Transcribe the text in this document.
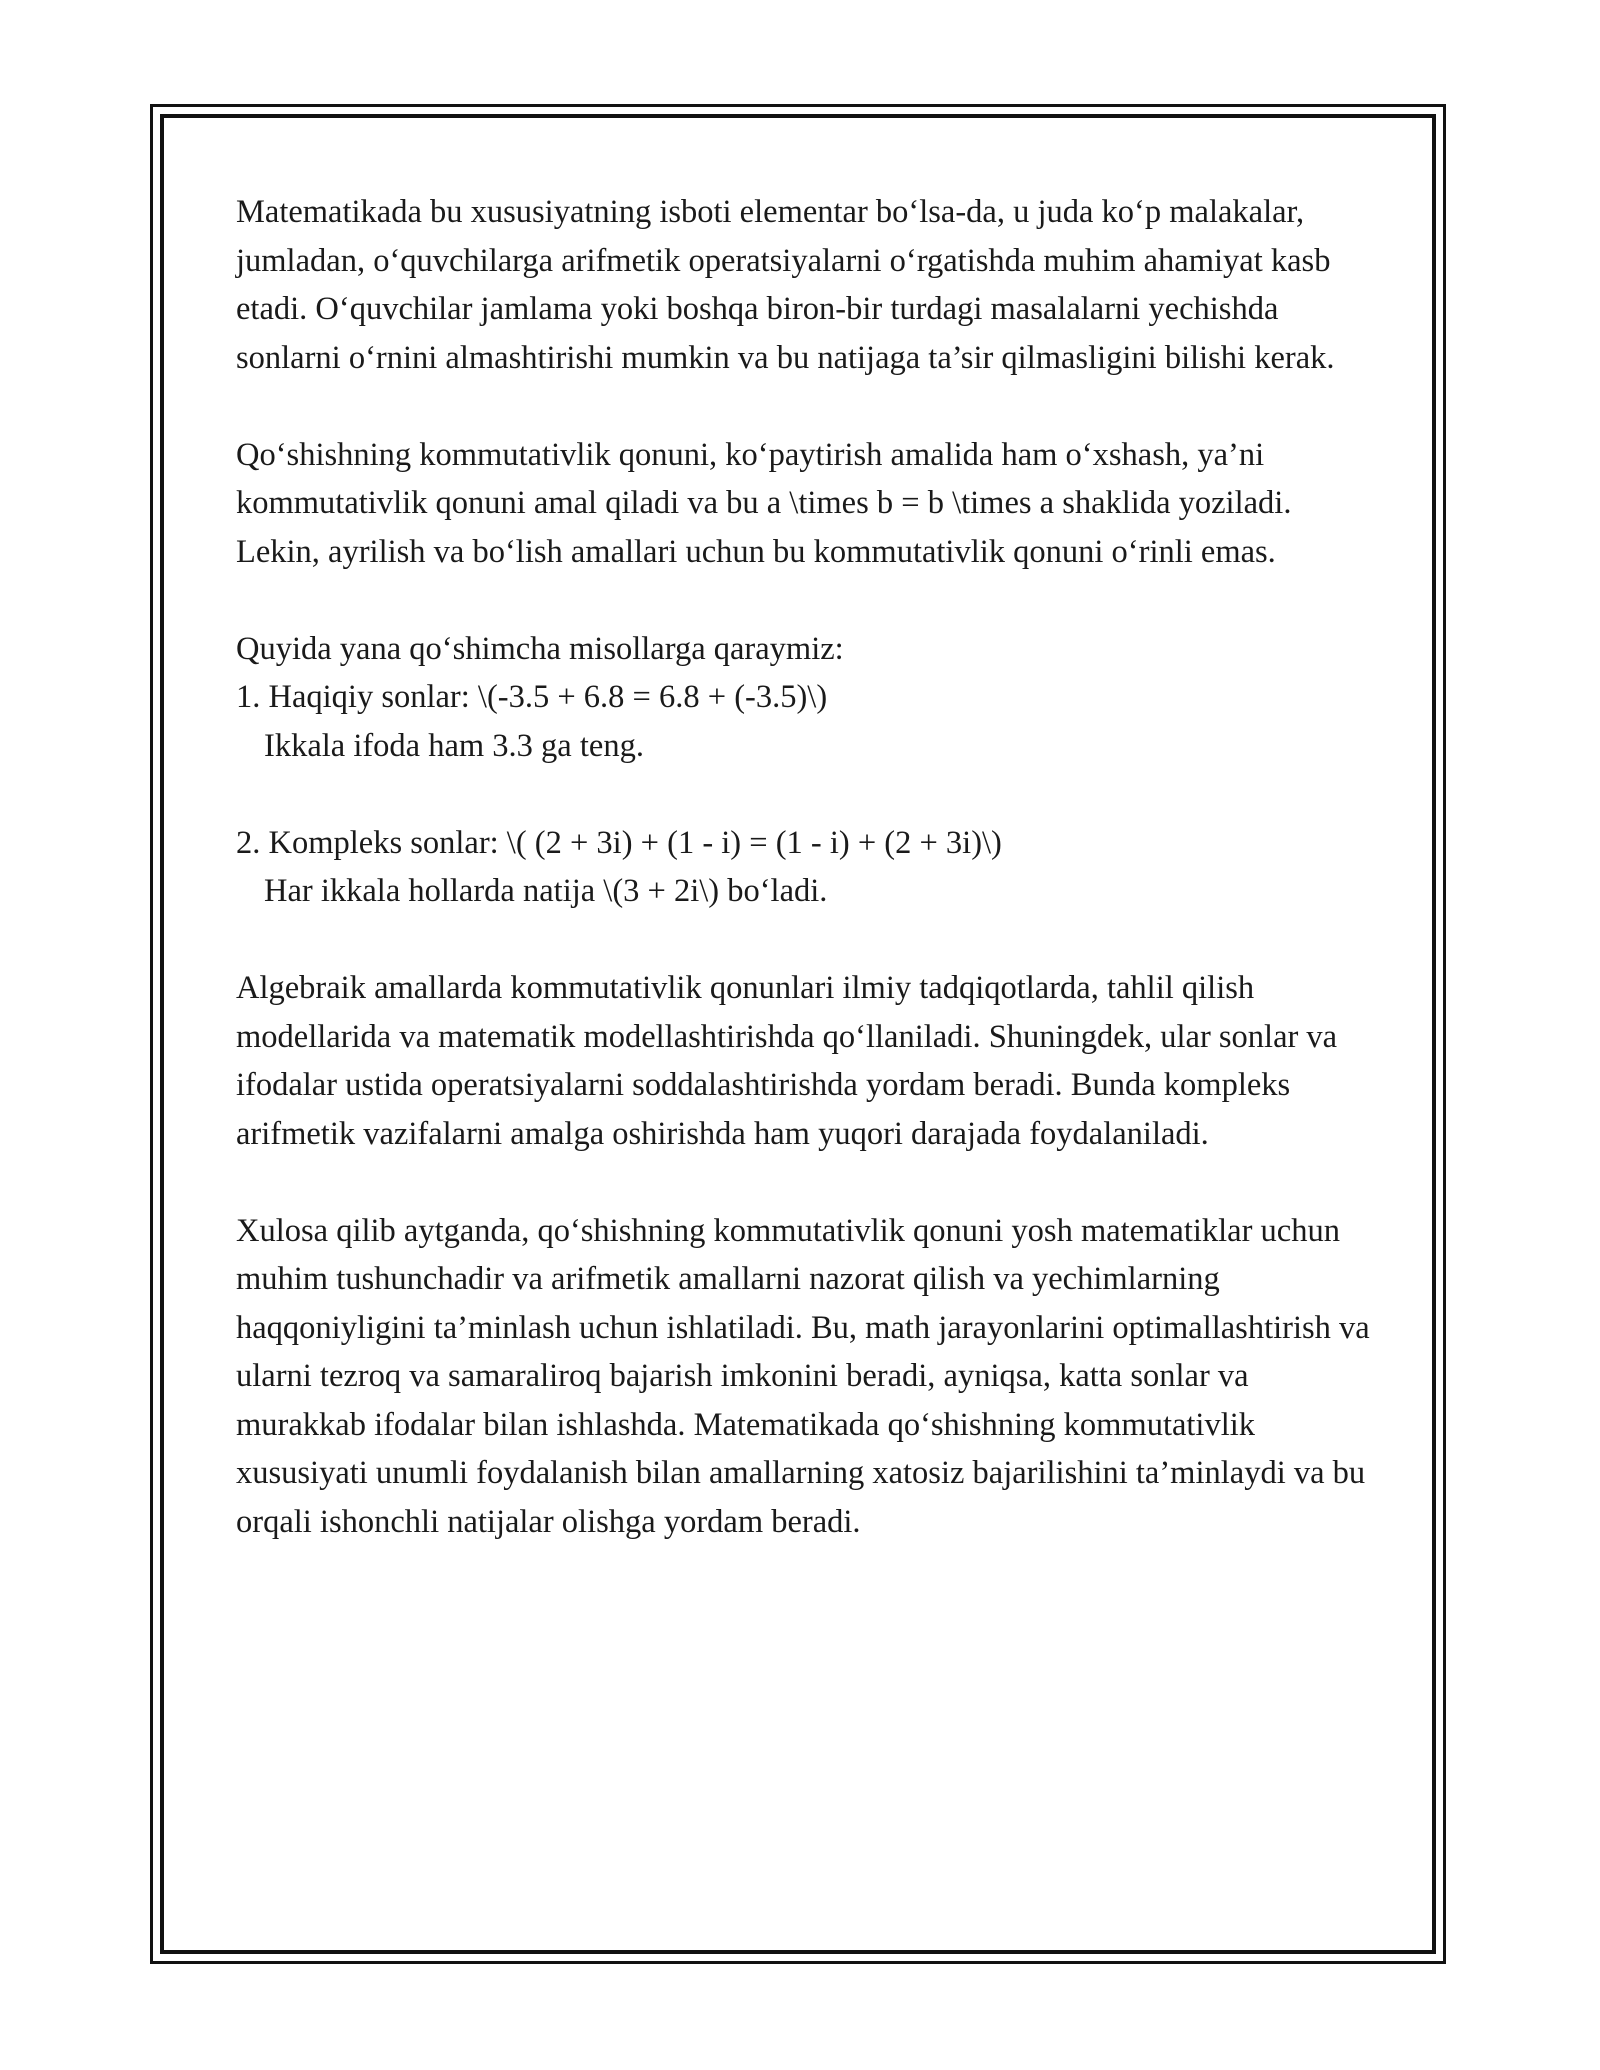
Matematikada bu xususiyatning isboti elementar bo‘lsa-da, u juda ko‘p malakalar, jumladan, o‘quvchilarga arifmetik operatsiyalarni o‘rgatishda muhim ahamiyat kasb etadi. O‘quvchilar jamlama yoki boshqa biron-bir turdagi masalalarni yechishda sonlarni o‘rnini almashtirishi mumkin va bu natijaga ta’sir qilmasligini bilishi kerak.

Qo‘shishning kommutativlik qonuni, ko‘paytirish amalida ham o‘xshash, ya’ni kommutativlik qonuni amal qiladi va bu a \times b = b \times a shaklida yoziladi. Lekin, ayrilish va bo‘lish amallari uchun bu kommutativlik qonuni o‘rinli emas.

Quyida yana qo‘shimcha misollarga qaraymiz:

1. Haqiqiy sonlar: \(-3.5 + 6.8 = 6.8 + (-3.5)\)

Ikkala ifoda ham 3.3 ga teng.

2. Kompleks sonlar: \( (2 + 3i) + (1 - i) = (1 - i) + (2 + 3i)\)

Har ikkala hollarda natija \(3 + 2i\) bo‘ladi.

Algebraik amallarda kommutativlik qonunlari ilmiy tadqiqotlarda, tahlil qilish modellarida va matematik modellashtirishda qo‘llaniladi. Shuningdek, ular sonlar va ifodalar ustida operatsiyalarni soddalashtirishda yordam beradi. Bunda kompleks arifmetik vazifalarni amalga oshirishda ham yuqori darajada foydalaniladi.

Xulosa qilib aytganda, qo‘shishning kommutativlik qonuni yosh matematiklar uchun muhim tushunchadir va arifmetik amallarni nazorat qilish va yechimlarning haqqoniyligini ta’minlash uchun ishlatiladi. Bu, math jarayonlarini optimallashtirish va ularni tezroq va samaraliroq bajarish imkonini beradi, ayniqsa, katta sonlar va murakkab ifodalar bilan ishlashda. Matematikada qo‘shishning kommutativlik xususiyati unumli foydalanish bilan amallarning xatosiz bajarilishini ta’minlaydi va bu orqali ishonchli natijalar olishga yordam beradi.
